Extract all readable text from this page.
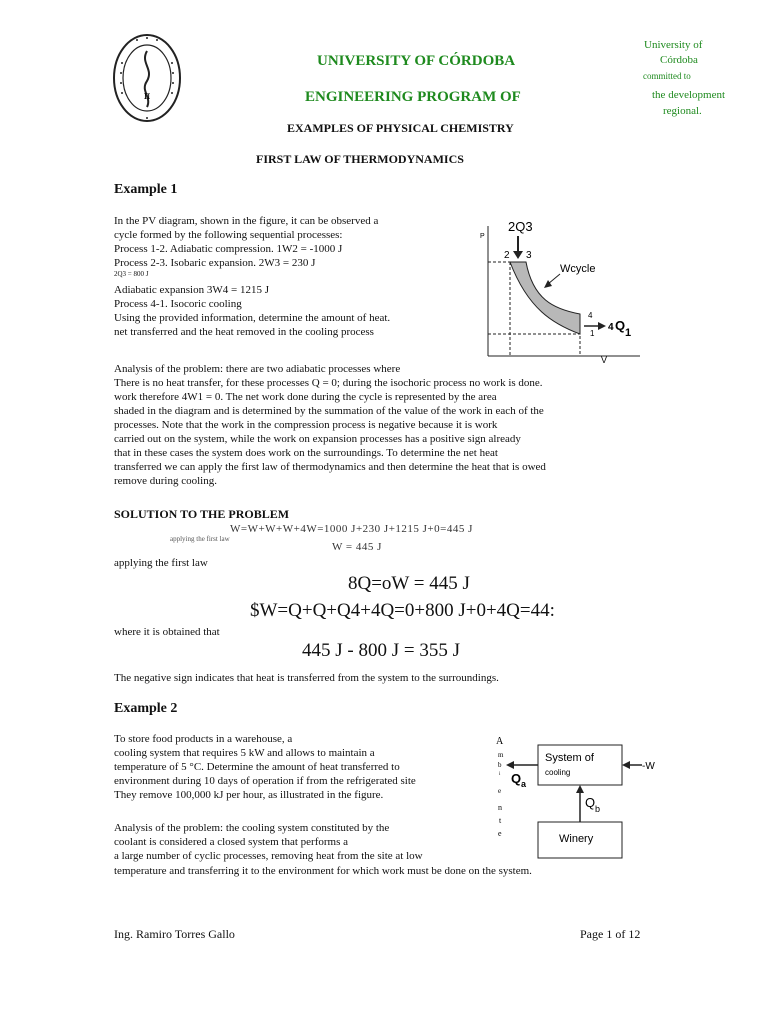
π
UNIVERSITY OF CÓRDOBA
ENGINEERING PROGRAM OF
EXAMPLES OF PHYSICAL CHEMISTRY
FIRST LAW OF THERMODYNAMICS
University of
Córdoba
committed to
the development
regional.
Example 1
In the PV diagram, shown in the figure, it can be observed a
cycle formed by the following sequential processes:
Process 1-2. Adiabatic compression. 1W2 = -1000 J
Process 2-3. Isobaric expansion. 2W3 = 230 J
2Q3 = 800 J
Adiabatic expansion 3W4 = 1215 J
Process 4-1. Isocoric cooling
Using the provided information, determine the amount of heat.
net transferred and the heat removed in the cooling process
P
V
2Q3
2 3
4
1
Wcycle
4 Q 1
Analysis of the problem: there are two adiabatic processes where
There is no heat transfer, for these processes Q = 0; during the isochoric process no work is done.
work therefore 4W1 = 0. The net work done during the cycle is represented by the area
shaded in the diagram and is determined by the summation of the value of the work in each of the
processes. Note that the work in the compression process is negative because it is work
carried out on the system, while the work on expansion processes has a positive sign already
that in these cases the system does work on the surroundings. To determine the net heat
transferred we can apply the first law of thermodynamics and then determine the heat that is owed
remove during cooling.
SOLUTION TO THE PROBLEM
W=W+W+W+4W=1000 J+230 J+1215 J+0=445 J
applying the first law
W = 445 J
applying the first law
8Q=oW = 445 J
$W=Q+Q+Q4+4Q=0+800 J+0+4Q=44:
where it is obtained that
445 J - 800 J = 355 J
The negative sign indicates that heat is transferred from the system to the surroundings.
Example 2
To store food products in a warehouse, a
cooling system that requires 5 kW and allows to maintain a
temperature of 5 °C. Determine the amount of heat transferred to
environment during 10 days of operation if from the refrigerated site
They remove 100,000 kJ per hour, as illustrated in the figure.
Analysis of the problem: the cooling system constituted by the
coolant is considered a closed system that performs a
a large number of cyclic processes, removing heat from the site at low
temperature and transferring it to the environment for which work must be done on the system.
A
m
b
i
e
n
t
e
System of
cooling
Winery
Q a
Q b
-W
Ing. Ramiro Torres Gallo	Page 1 of 12
